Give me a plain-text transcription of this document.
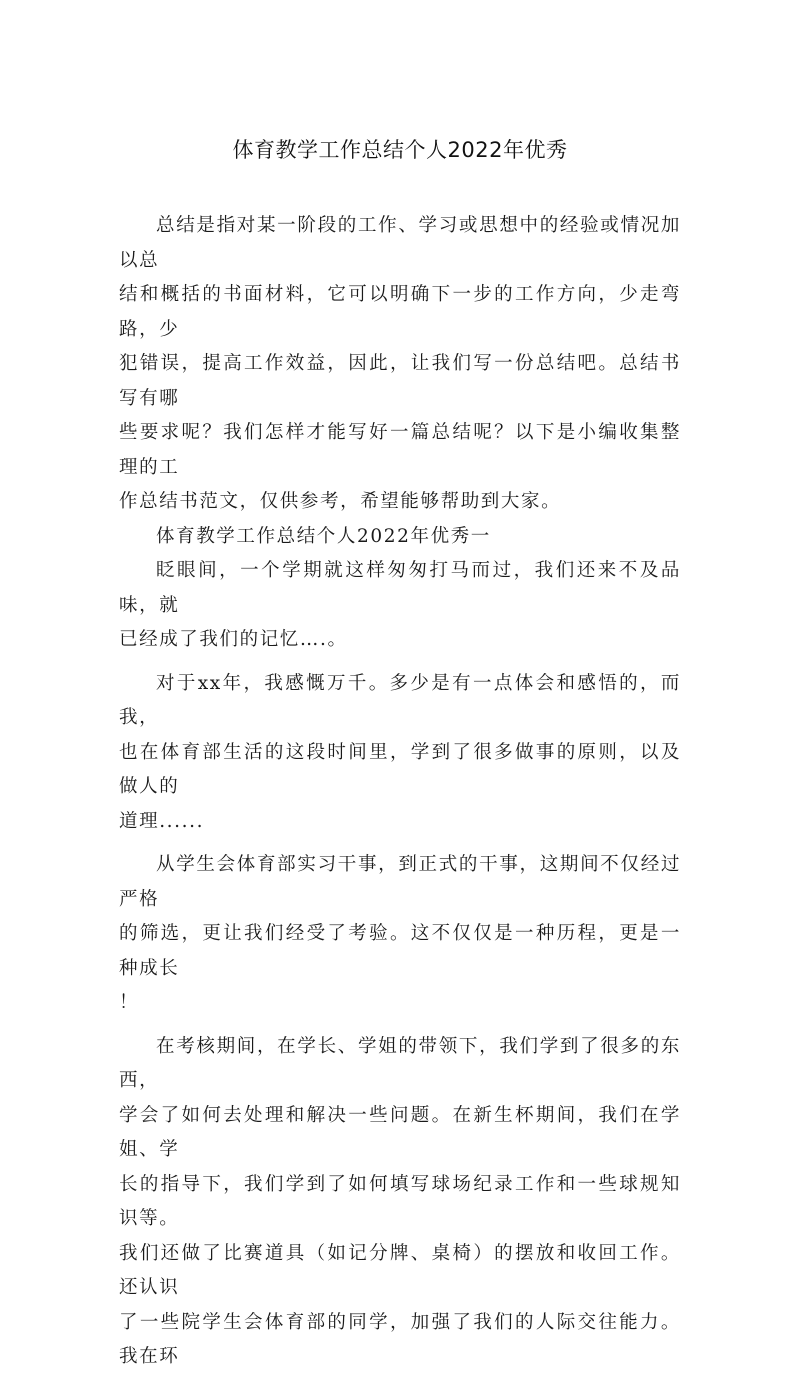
体育教学工作总结个人2022年优秀

总结是指对某一阶段的工作、学习或思想中的经验或情况加以总
结和概括的书面材料，它可以明确下一步的工作方向，少走弯路，少
犯错误，提高工作效益，因此，让我们写一份总结吧。总结书写有哪
些要求呢？我们怎样才能写好一篇总结呢？以下是小编收集整理的工
作总结书范文，仅供参考，希望能够帮助到大家。

体育教学工作总结个人2022年优秀一

眨眼间，一个学期就这样匆匆打马而过，我们还来不及品味，就
已经成了我们的记忆….。

对于xx年，我感慨万千。多少是有一点体会和感悟的，而我，
也在体育部生活的这段时间里，学到了很多做事的原则，以及做人的
道理......

从学生会体育部实习干事，到正式的干事，这期间不仅经过严格
的筛选，更让我们经受了考验。这不仅仅是一种历程，更是一种成长
！

在考核期间，在学长、学姐的带领下，我们学到了很多的东西，
学会了如何去处理和解决一些问题。在新生杯期间，我们在学姐、学
长的指导下，我们学到了如何填写球场纪录工作和一些球规知识等。
我们还做了比赛道具（如记分牌、桌椅）的摆放和收回工作。还认识
了一些院学生会体育部的同学，加强了我们的人际交往能力。我在环
